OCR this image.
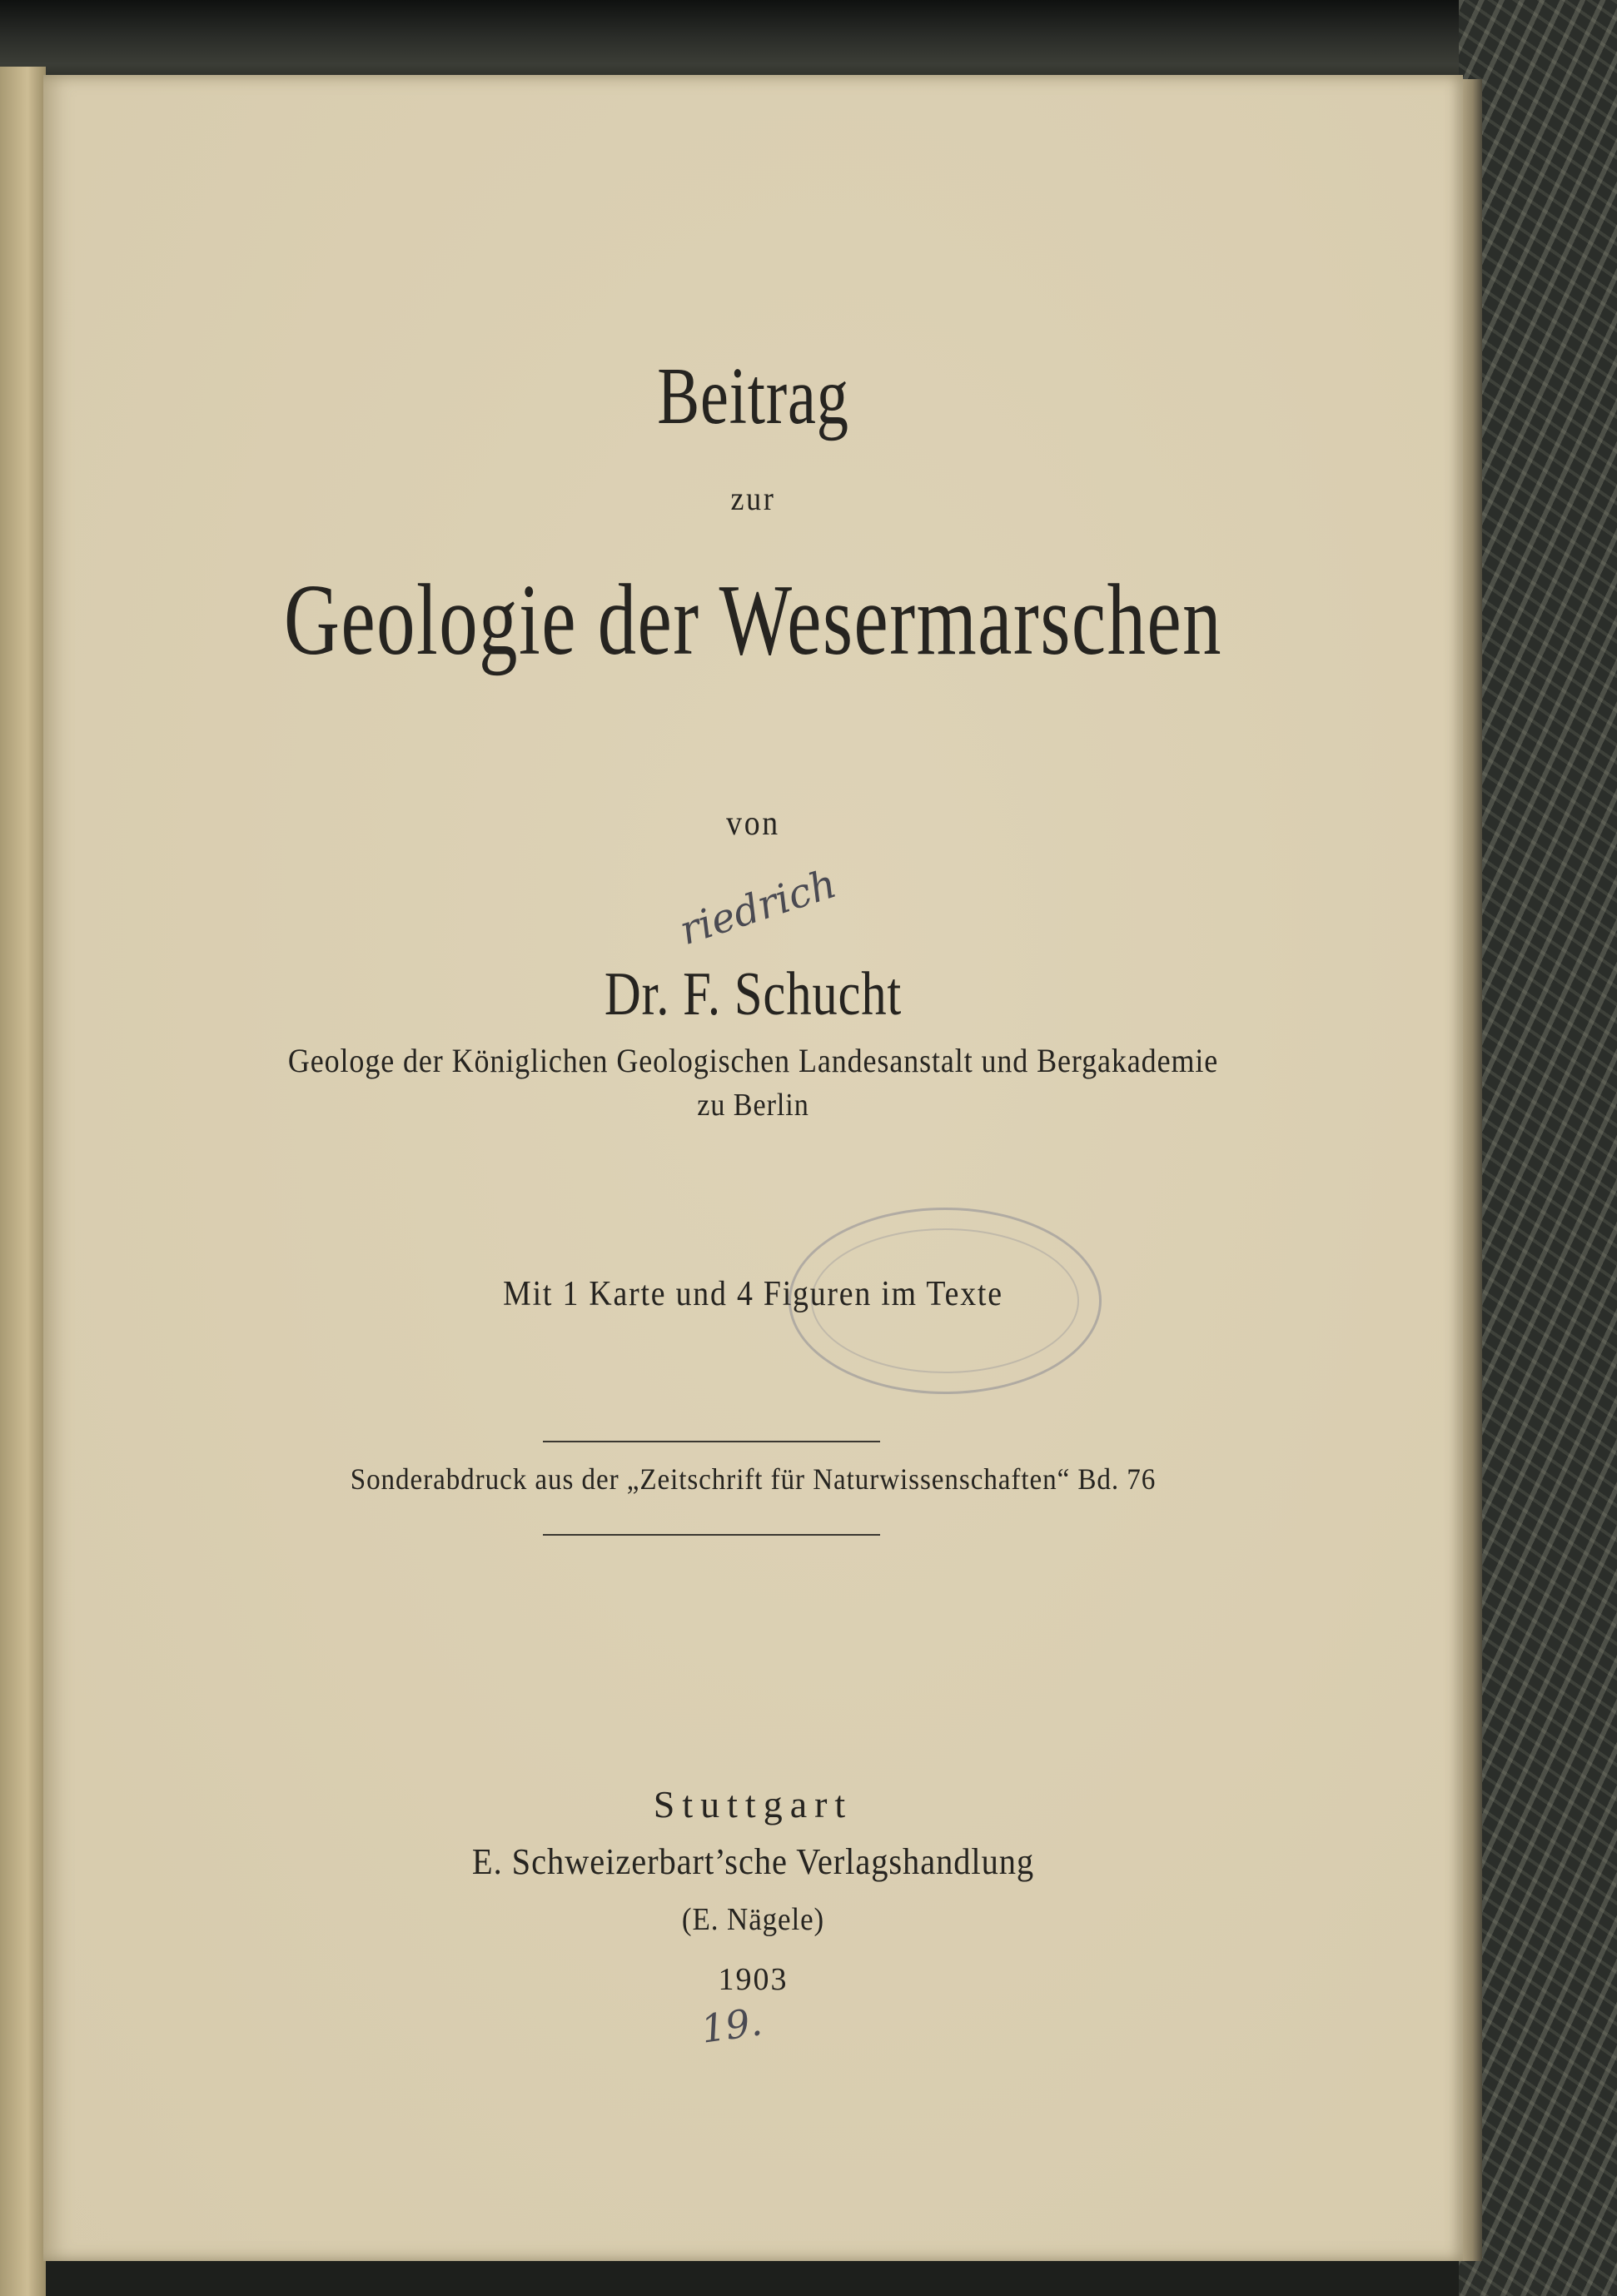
Beitrag
zur
Geologie der Wesermarschen
von
riedrich
Dr. F. Schucht
Geologe der Königlichen Geologischen Landesanstalt und Bergakademie
zu Berlin
Mit 1 Karte und 4 Figuren im Texte
Sonderabdruck aus der „Zeitschrift für Naturwissenschaften“ Bd. 76
Stuttgart
E. Schweizerbart’sche Verlagshandlung
(E. Nägele)
1903
19.
